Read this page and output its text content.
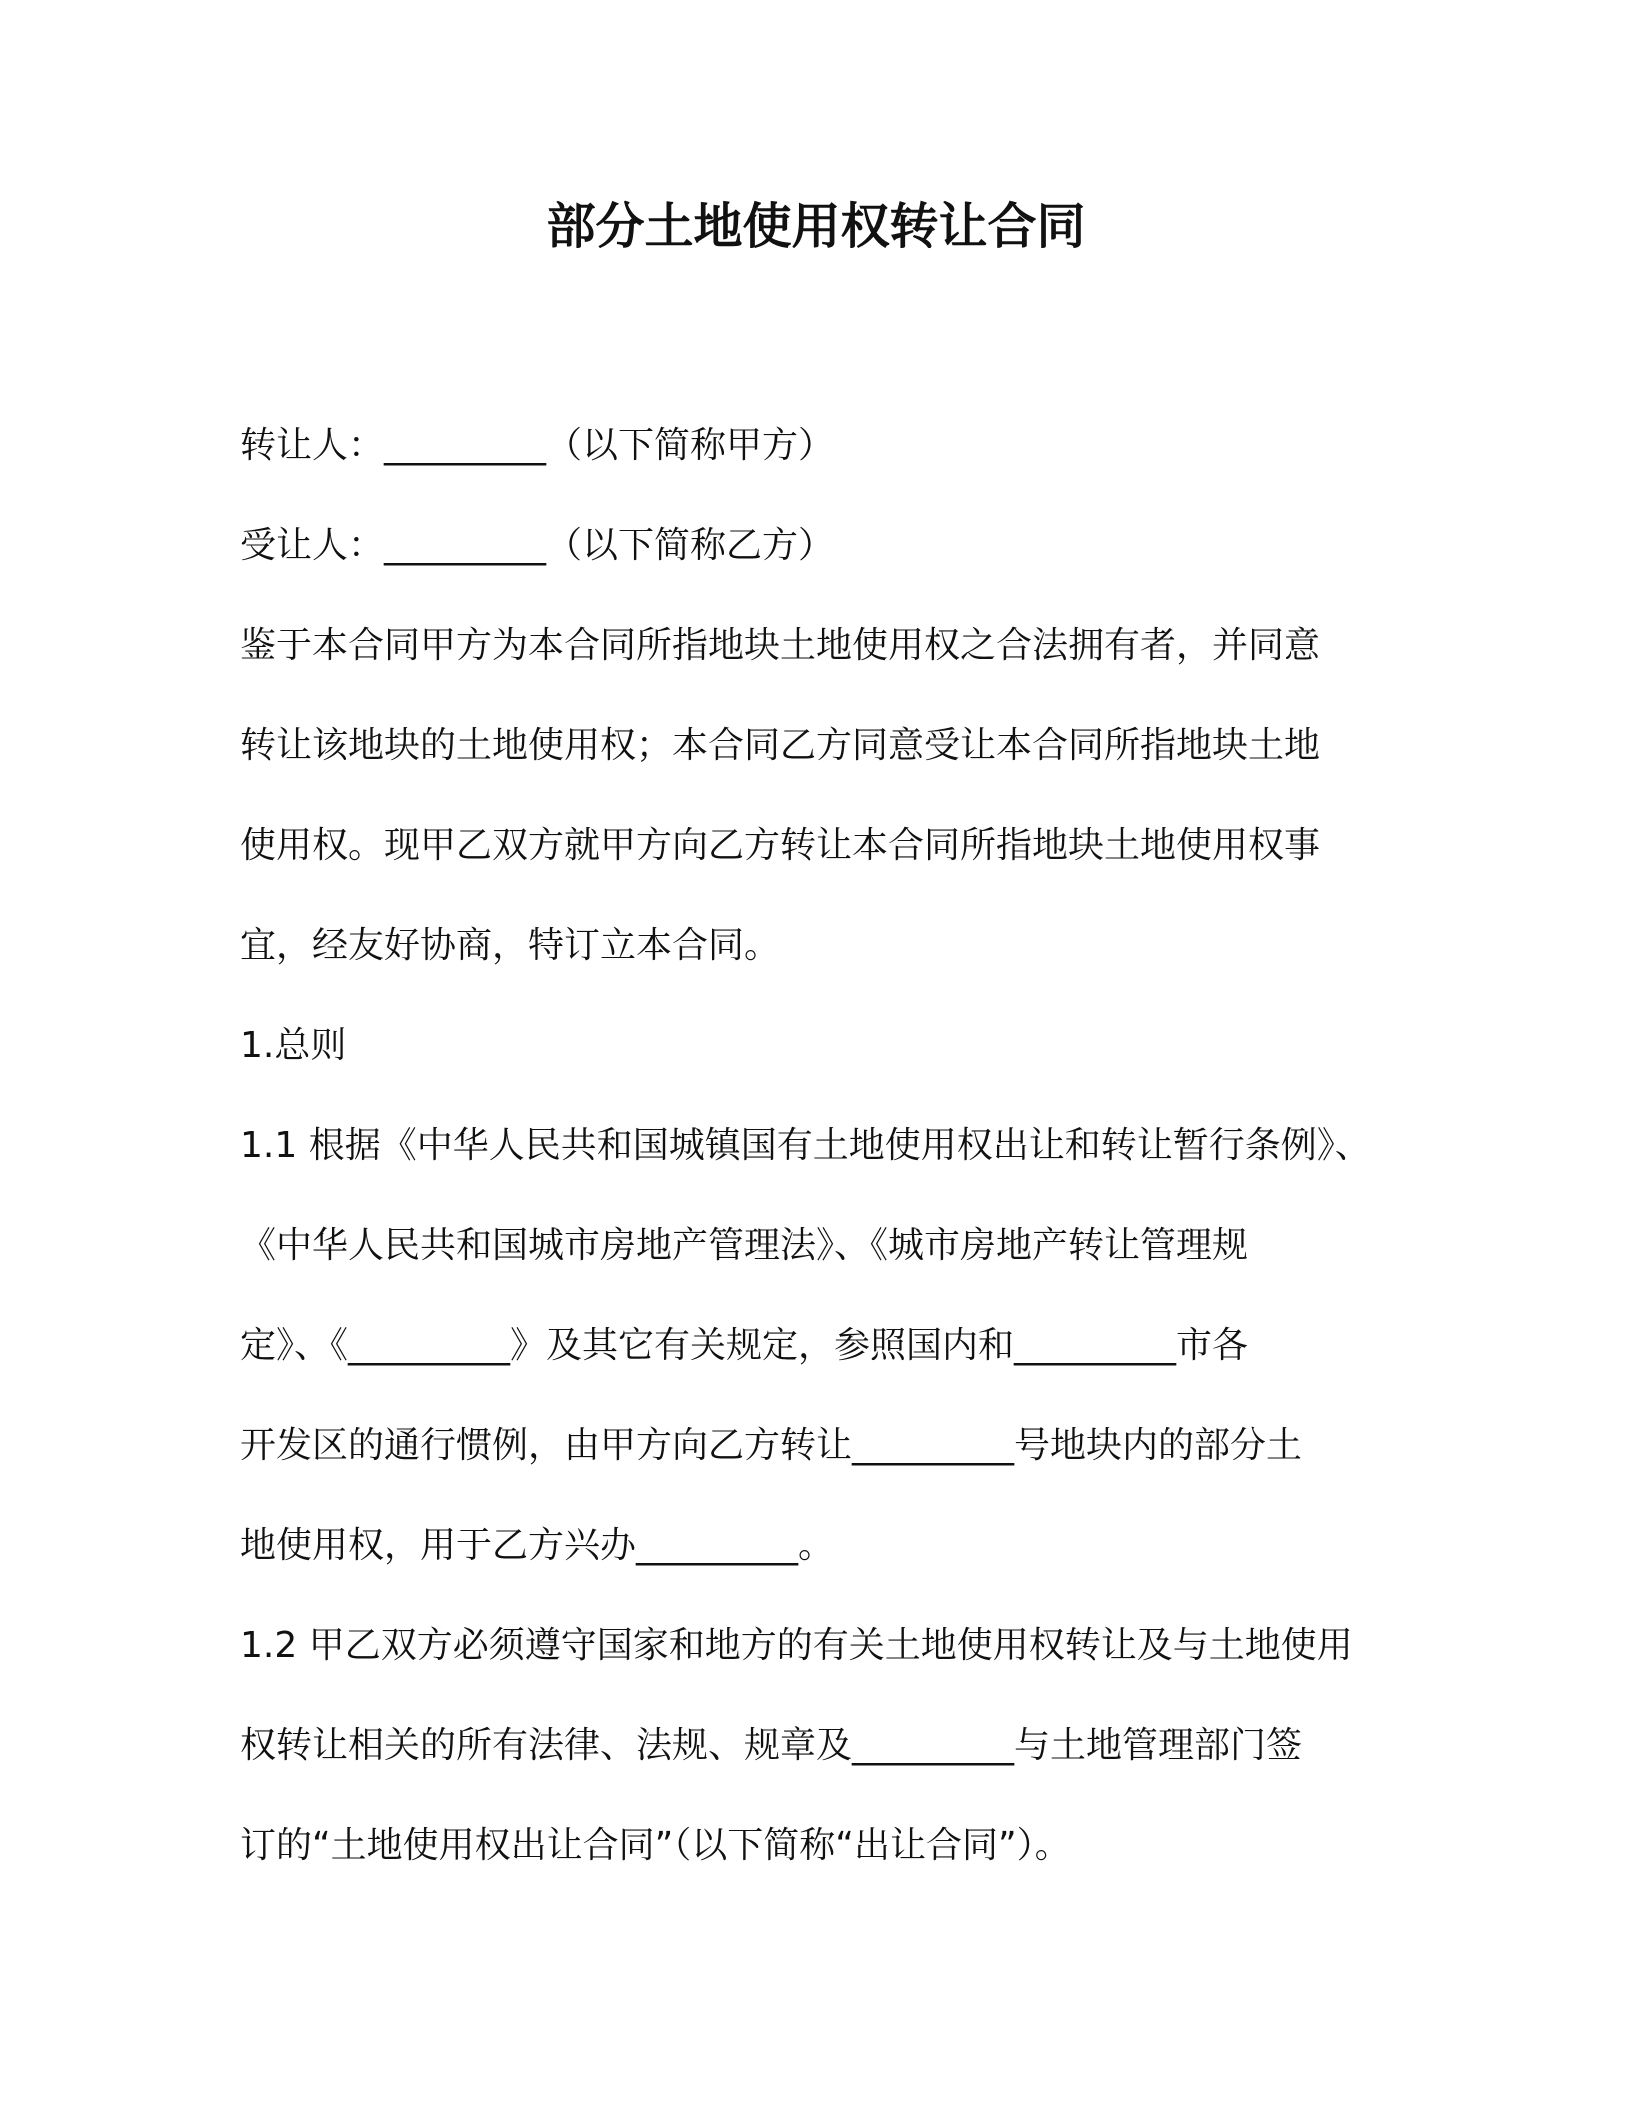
部分土地使用权转让合同

转让人：_________（以下简称甲方）

受让人：_________（以下简称乙方）

鉴于本合同甲方为本合同所指地块土地使用权之合法拥有者，并同意

转让该地块的土地使用权；本合同乙方同意受让本合同所指地块土地

使用权。现甲乙双方就甲方向乙方转让本合同所指地块土地使用权事

宜，经友好协商，特订立本合同。

1.总则

1.1 根据《中华人民共和国城镇国有土地使用权出让和转让暂行条例》、

《中华人民共和国城市房地产管理法》、《城市房地产转让管理规

定》、《_________》及其它有关规定，参照国内和_________市各

开发区的通行惯例，由甲方向乙方转让_________号地块内的部分土

地使用权，用于乙方兴办_________。

1.2 甲乙双方必须遵守国家和地方的有关土地使用权转让及与土地使用

权转让相关的所有法律、法规、规章及_________与土地管理部门签

订的“土地使用权出让合同”（以下简称“出让合同”）。
